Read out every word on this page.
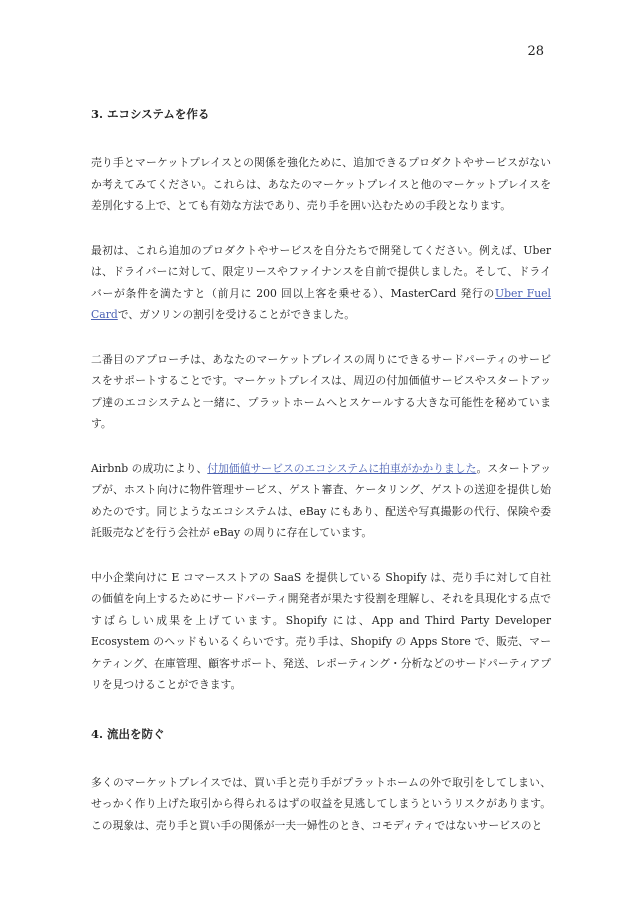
28
3. エコシステムを作る

売り手とマーケットプレイスとの関係を強化ために、追加できるプロダクトやサービスがないか考えてみてください。これらは、あなたのマーケットプレイスと他のマーケットプレイスを差別化する上で、とても有効な方法であり、売り手を囲い込むための手段となります。

最初は、これら追加のプロダクトやサービスを自分たちで開発してください。例えば、Uber は、ドライバーに対して、限定リースやファイナンスを自前で提供しました。そして、ドライバーが条件を満たすと（前月に 200 回以上客を乗せる）、MasterCard 発行のUber Fuel Cardで、ガソリンの割引を受けることができました。

二番目のアプローチは、あなたのマーケットプレイスの周りにできるサードパーティのサービスをサポートすることです。マーケットプレイスは、周辺の付加価値サービスやスタートアップ達のエコシステムと一緒に、プラットホームへとスケールする大きな可能性を秘めています。

Airbnb の成功により、付加価値サービスのエコシステムに拍車がかかりました。スタートアップが、ホスト向けに物件管理サービス、ゲスト審査、ケータリング、ゲストの送迎を提供し始めたのです。同じようなエコシステムは、eBay にもあり、配送や写真撮影の代行、保険や委託販売などを行う会社が eBay の周りに存在しています。

中小企業向けに E コマースストアの SaaS を提供している Shopify は、売り手に対して自社の価値を向上するためにサードパーティ開発者が果たす役割を理解し、それを具現化する点ですばらしい成果を上げています。Shopify には、App and Third Party Developer Ecosystem のヘッドもいるくらいです。売り手は、Shopify の Apps Store で、販売、マーケティング、在庫管理、顧客サポート、発送、レポーティング・分析などのサードパーティアプリを見つけることができます。

4. 流出を防ぐ

多くのマーケットプレイスでは、買い手と売り手がプラットホームの外で取引をしてしまい、せっかく作り上げた取引から得られるはずの収益を見逃してしまうというリスクがあります。この現象は、売り手と買い手の関係が一夫一婦性のとき、コモディティではないサービスのと
